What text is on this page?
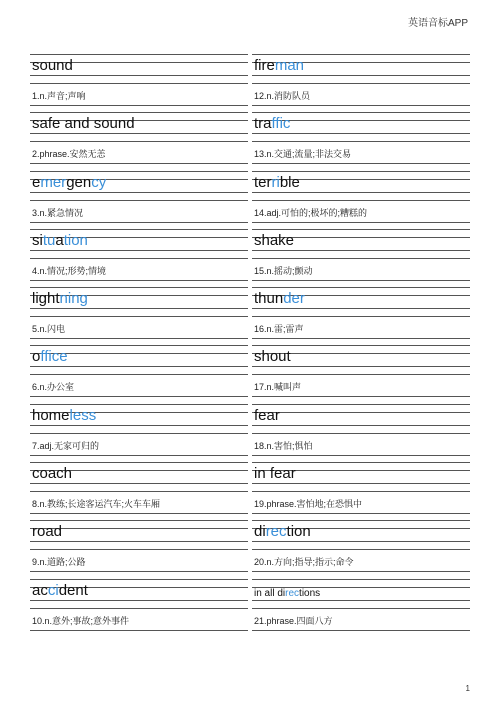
英语音标APP
sound
1.n.声音;声响
fireman
12.n.消防队员
safe and sound
2.phrase.安然无恙
traffic
13.n.交通;流量;非法交易
emergency
3.n.紧急情况
terrible
14.adj.可怕的;极坏的;糟糕的
situation
4.n.情况;形势;情境
shake
15.n.摇动;颤动
lightning
5.n.闪电
thunder
16.n.雷;雷声
office
6.n.办公室
shout
17.n.喊叫声
homeless
7.adj.无家可归的
fear
18.n.害怕;惧怕
coach
8.n.教练;长途客运汽车;火车车厢
in fear
19.phrase.害怕地;在恐惧中
road
9.n.道路;公路
direction
20.n.方向;指导;指示;命令
accident
10.n.意外;事故;意外事件
in all directions
21.phrase.四面八方
1
